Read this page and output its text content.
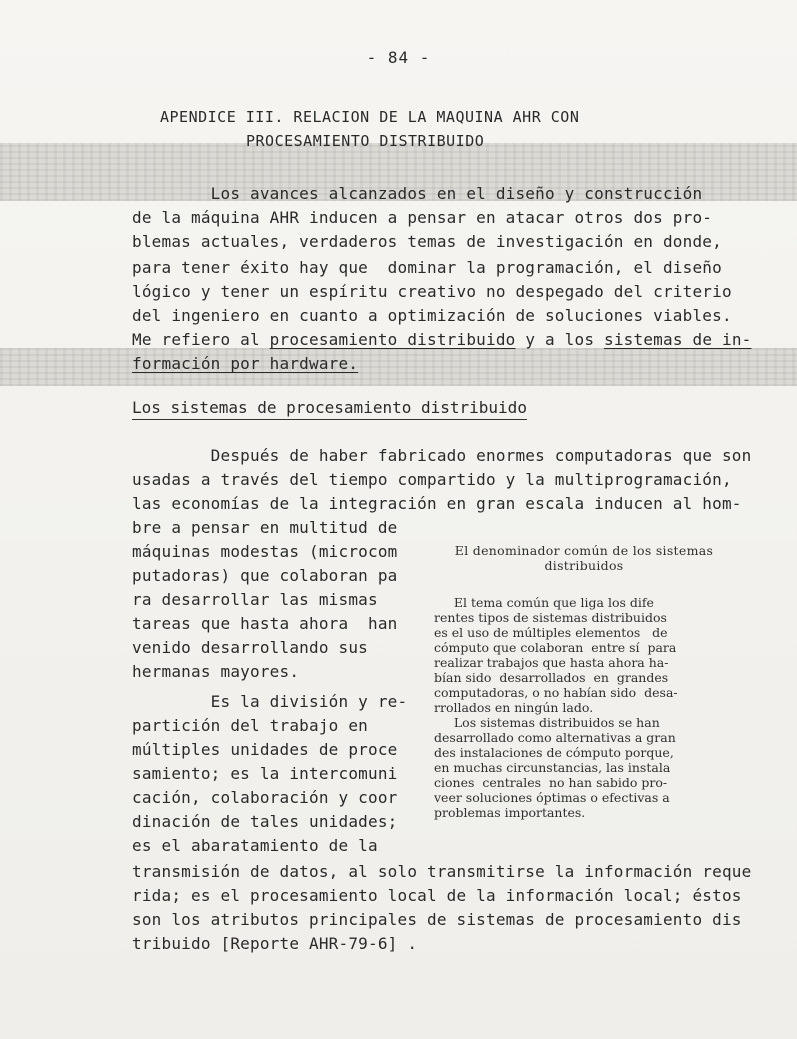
- 84 -
APENDICE III. RELACION DE LA MAQUINA AHR CON
PROCESAMIENTO DISTRIBUIDO
Los avances alcanzados en el diseño y construcción
de la máquina AHR inducen a pensar en atacar otros dos pro-
blemas actuales, verdaderos temas de investigación en donde,
para tener éxito hay que  dominar la programación, el diseño
lógico y tener un espíritu creativo no despegado del criterio
del ingeniero en cuanto a optimización de soluciones viables.
Me refiero al procesamiento distribuido y a los sistemas de in-
formación por hardware.
Los sistemas de procesamiento distribuido
Después de haber fabricado enormes computadoras que son
usadas a través del tiempo compartido y la multiprogramación,
las economías de la integración en gran escala inducen al hom-
bre a pensar en multitud de
máquinas modestas (microcom
putadoras) que colaboran pa
ra desarrollar las mismas
tareas que hasta ahora  han
venido desarrollando sus
hermanas mayores.
Es la división y re-
partición del trabajo en
múltiples unidades de proce
samiento; es la intercomuni
cación, colaboración y coor
dinación de tales unidades;
es el abaratamiento de la
transmisión de datos, al solo transmitirse la información reque
rida; es el procesamiento local de la información local; éstos
son los atributos principales de sistemas de procesamiento dis
tribuido [Reporte AHR-79-6] .
El denominador común de los sistemas
distribuidos
El tema común que liga los dife
rentes tipos de sistemas distribuidos
es el uso de múltiples elementos   de
cómputo que colaboran  entre sí  para
realizar trabajos que hasta ahora ha-
bían sido  desarrollados  en  grandes
computadoras, o no habían sido  desa-
rrollados en ningún lado.
Los sistemas distribuidos se han
desarrollado como alternativas a gran
des instalaciones de cómputo porque,
en muchas circunstancias, las instala
ciones  centrales  no han sabido pro-
veer soluciones óptimas o efectivas a
problemas importantes.
